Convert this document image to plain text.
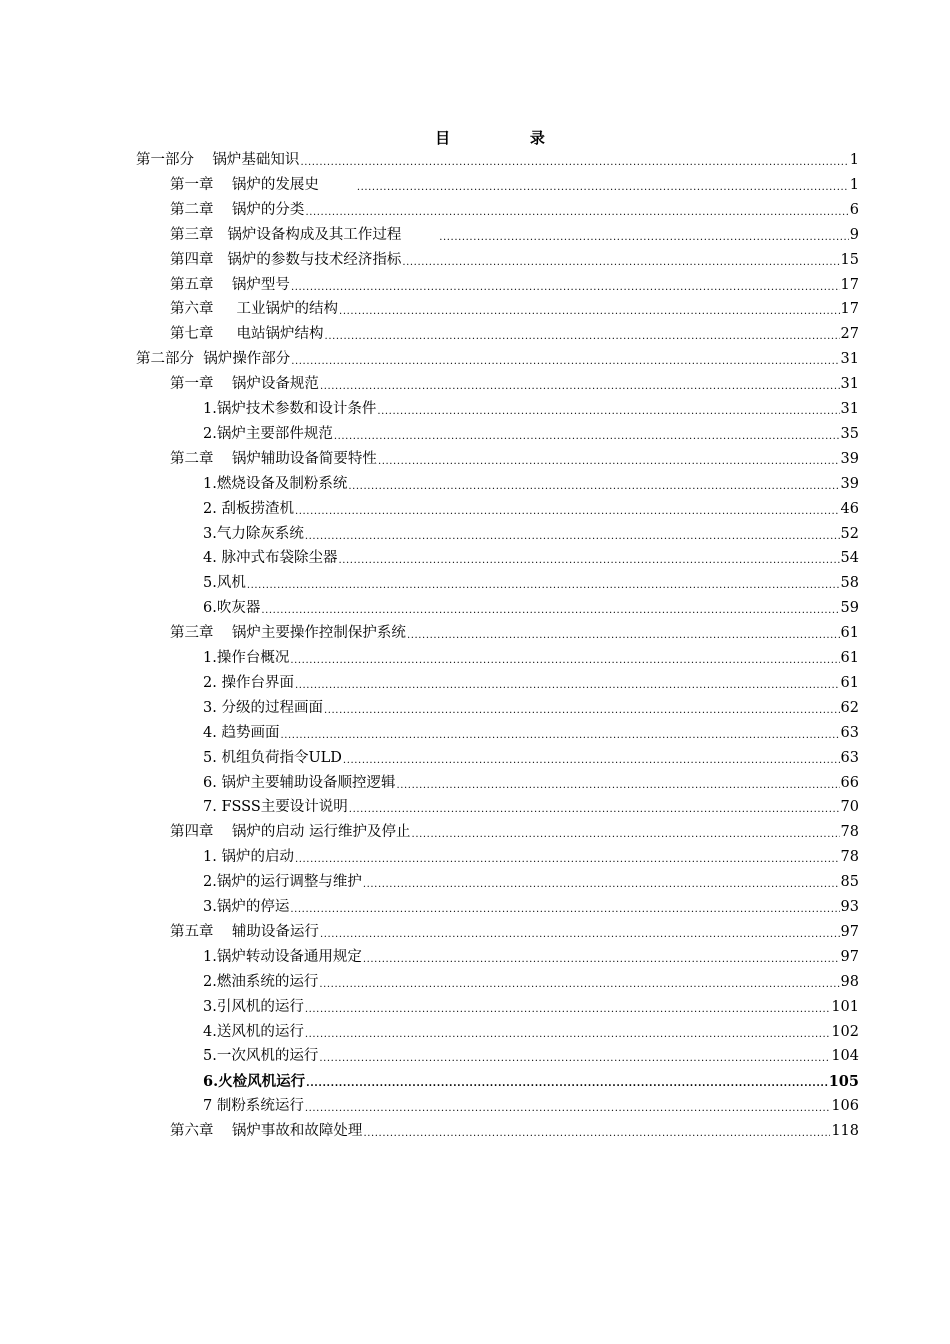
目   录
第一部分    锅炉基础知识 .....	1
第一章    锅炉的发展史 .....	1
第二章    锅炉的分类 .....	6
第三章   锅炉设备构成及其工作过程 .....	9
第四章   锅炉的参数与技术经济指标 .....	15
第五章    锅炉型号 .....	17
第六章     工业锅炉的结构 .....	17
第七章     电站锅炉结构 .....	27
第二部分  锅炉操作部分 .....	31
第一章    锅炉设备规范 .....	31
1.锅炉技术参数和设计条件 .....	31
2.锅炉主要部件规范 .....	35
第二章    锅炉辅助设备简要特性 .....	39
1.燃烧设备及制粉系统 .....	39
2. 刮板捞渣机 .....	46
3.气力除灰系统 .....	52
4. 脉冲式布袋除尘器 .....	54
5.风机 .....	58
6.吹灰器 .....	59
第三章    锅炉主要操作控制保护系统 .....	61
1.操作台概况 .....	61
2. 操作台界面 .....	61
3. 分级的过程画面 .....	62
4. 趋势画面 .....	63
5. 机组负荷指令ULD .....	63
6. 锅炉主要辅助设备顺控逻辑 .....	66
7. FSSS主要设计说明 .....	70
第四章    锅炉的启动 运行维护及停止 .....	78
1. 锅炉的启动 .....	78
2.锅炉的运行调整与维护 .....	85
3.锅炉的停运 .....	93
第五章    辅助设备运行 .....	97
1.锅炉转动设备通用规定 .....	97
2.燃油系统的运行 .....	98
3.引风机的运行 .....	101
4.送风机的运行 .....	102
5.一次风机的运行 .....	104
6.火检风机运行 .....	105
7 制粉系统运行 .....	106
第六章    锅炉事故和故障处理 .....	118
